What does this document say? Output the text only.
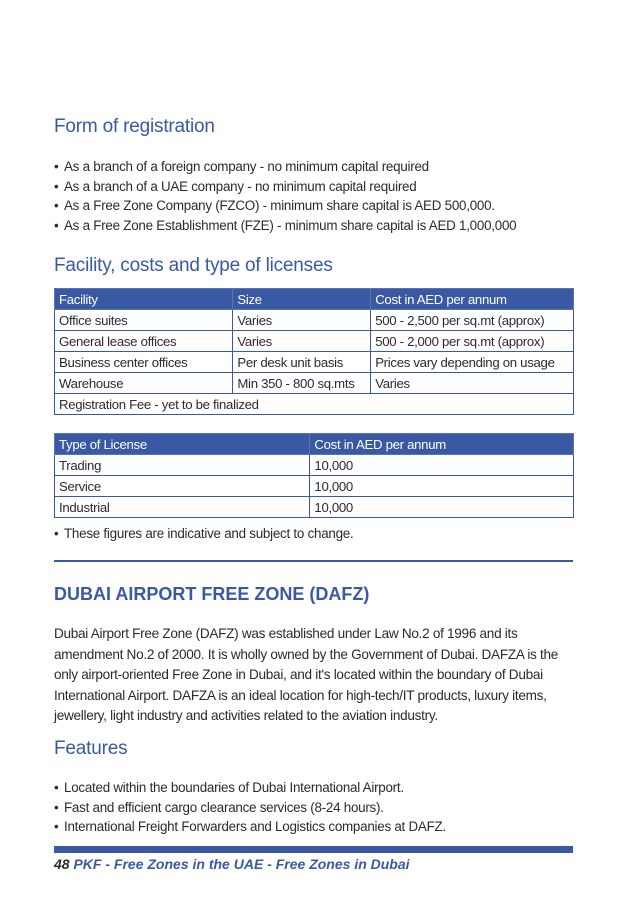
Form of registration
• As a branch of a foreign company - no minimum capital required
• As a branch of a UAE company - no minimum capital required
• As a Free Zone Company (FZCO) - minimum share capital is AED 500,000.
• As a Free Zone Establishment (FZE) - minimum share capital is AED 1,000,000
Facility, costs and type of licenses
Facility	Size	Cost in AED per annum
Office suites	Varies	500 - 2,500 per sq.mt (approx)
General lease offices	Varies	500 - 2,000 per sq.mt (approx)
Business center offices	Per desk unit basis	Prices vary depending on usage
Warehouse	Min 350 - 800 sq.mts	Varies
Registration Fee - yet to be finalized		
Type of License	Cost in AED per annum
Trading	10,000
Service	10,000
Industrial	10,000
• These figures are indicative and subject to change.
DUBAI AIRPORT FREE ZONE (DAFZ)
Dubai Airport Free Zone (DAFZ) was established under Law No.2 of 1996 and its
amendment No.2 of 2000. It is wholly owned by the Government of Dubai. DAFZA is the
only airport-oriented Free Zone in Dubai, and it's located within the boundary of Dubai
International Airport. DAFZA is an ideal location for high-tech/IT products, luxury items,
jewellery, light industry and activities related to the aviation industry.
Features
• Located within the boundaries of Dubai International Airport.
• Fast and efficient cargo clearance services (8-24 hours).
• International Freight Forwarders and Logistics companies at DAFZ.
48 PKF - Free Zones in the UAE - Free Zones in Dubai
